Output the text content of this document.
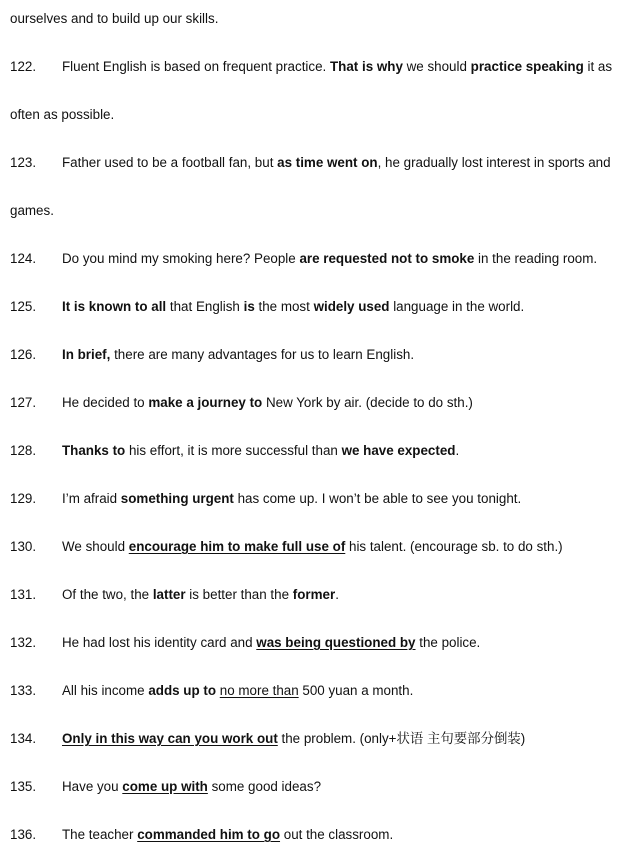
ourselves and to build up our skills.
122.	Fluent English is based on frequent practice. That is why we should practice speaking it as
often as possible.
123.	Father used to be a football fan, but as time went on, he gradually lost interest in sports and
games.
124.	Do you mind my smoking here? People are requested not to smoke in the reading room.
125.	It is known to all that English is the most widely used language in the world.
126.	In brief, there are many advantages for us to learn English.
127.	He decided to make a journey to New York by air. (decide to do sth.)
128.	Thanks to his effort, it is more successful than we have expected.
129.	I’m afraid something urgent has come up. I won’t be able to see you tonight.
130.	We should encourage him to make full use of his talent. (encourage sb. to do sth.)
131.	Of the two, the latter is better than the former.
132.	He had lost his identity card and was being questioned by the police.
133.	All his income adds up to no more than 500 yuan a month.
134.	Only in this way can you work out the problem. (only+状语 主句要部分倒装)
135.	Have you come up with some good ideas?
136.	The teacher commanded him to go out the classroom.
